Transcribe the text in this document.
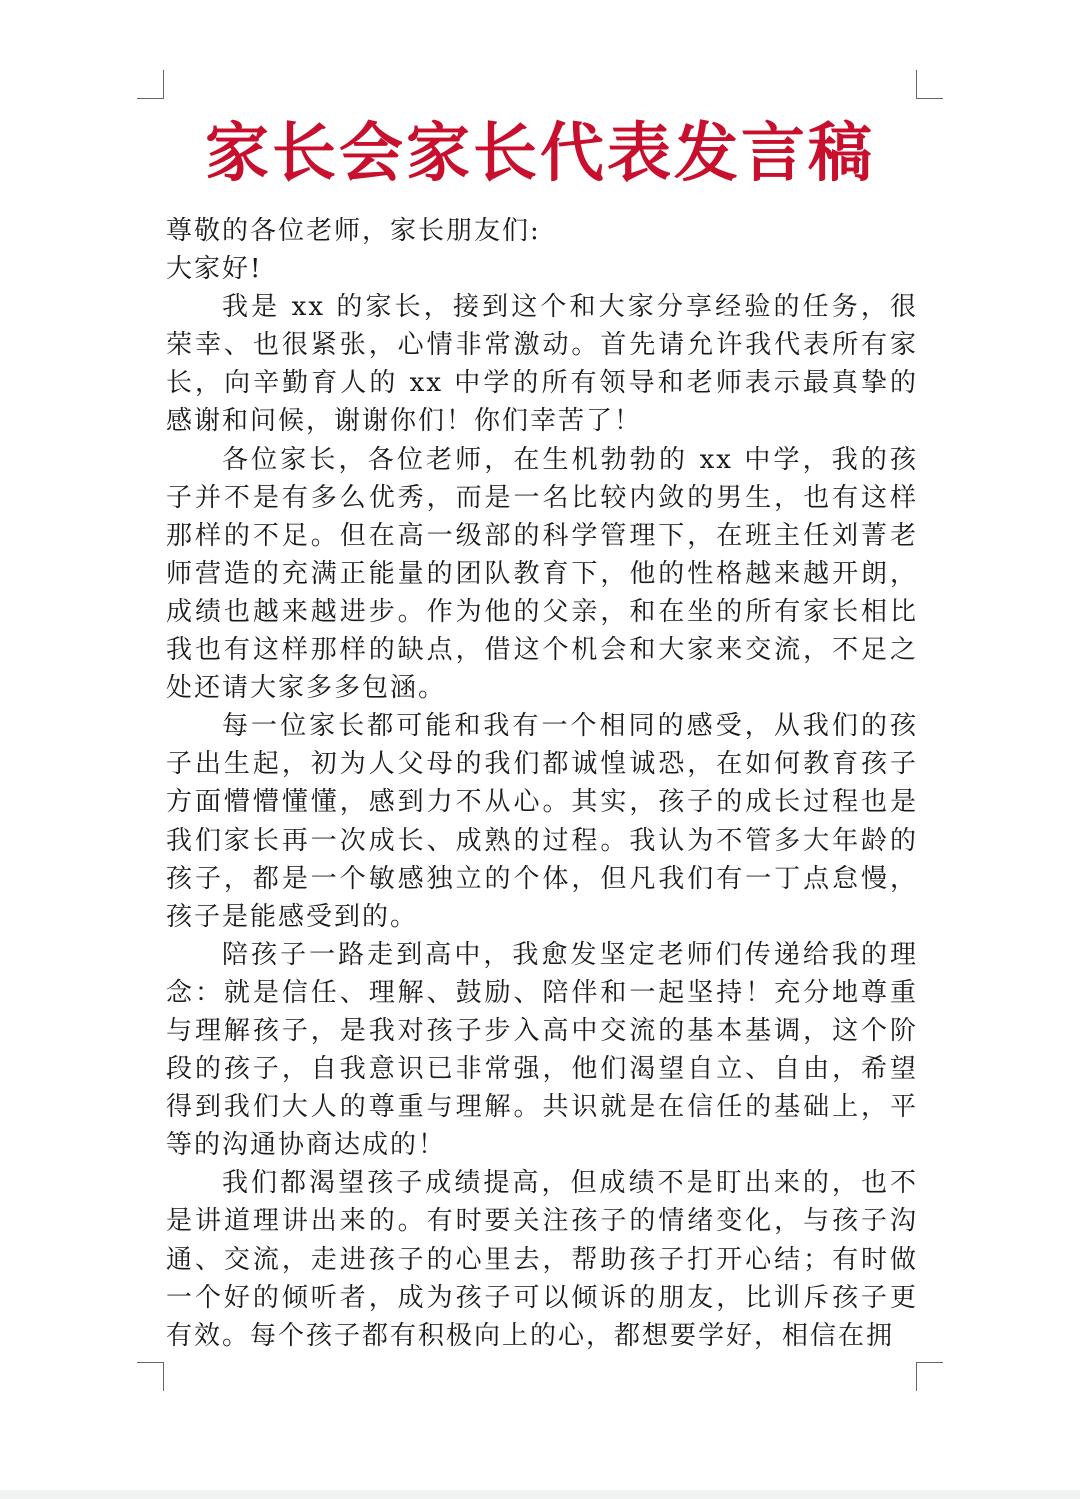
家长会家长代表发言稿

尊敬的各位老师，家长朋友们:

大家好!

我是 xx 的家长，接到这个和大家分享经验的任务，很荣幸、也很紧张，心情非常激动。首先请允许我代表所有家长，向辛勤育人的 xx 中学的所有领导和老师表示最真挚的感谢和问候，谢谢你们！你们幸苦了！

各位家长，各位老师，在生机勃勃的 xx 中学，我的孩子并不是有多么优秀，而是一名比较内敛的男生，也有这样那样的不足。但在高一级部的科学管理下，在班主任刘菁老师营造的充满正能量的团队教育下，他的性格越来越开朗，成绩也越来越进步。作为他的父亲，和在坐的所有家长相比我也有这样那样的缺点，借这个机会和大家来交流，不足之处还请大家多多包涵。

每一位家长都可能和我有一个相同的感受，从我们的孩子出生起，初为人父母的我们都诚惶诚恐，在如何教育孩子方面懵懵懂懂，感到力不从心。其实，孩子的成长过程也是我们家长再一次成长、成熟的过程。我认为不管多大年龄的孩子，都是一个敏感独立的个体，但凡我们有一丁点怠慢，孩子是能感受到的。

陪孩子一路走到高中，我愈发坚定老师们传递给我的理念：就是信任、理解、鼓励、陪伴和一起坚持！充分地尊重与理解孩子，是我对孩子步入高中交流的基本基调，这个阶段的孩子，自我意识已非常强，他们渴望自立、自由，希望得到我们大人的尊重与理解。共识就是在信任的基础上，平等的沟通协商达成的！

我们都渴望孩子成绩提高，但成绩不是盯出来的，也不是讲道理讲出来的。有时要关注孩子的情绪变化，与孩子沟通、交流，走进孩子的心里去，帮助孩子打开心结；有时做一个好的倾听者，成为孩子可以倾诉的朋友，比训斥孩子更有效。每个孩子都有积极向上的心，都想要学好，相信在拥
